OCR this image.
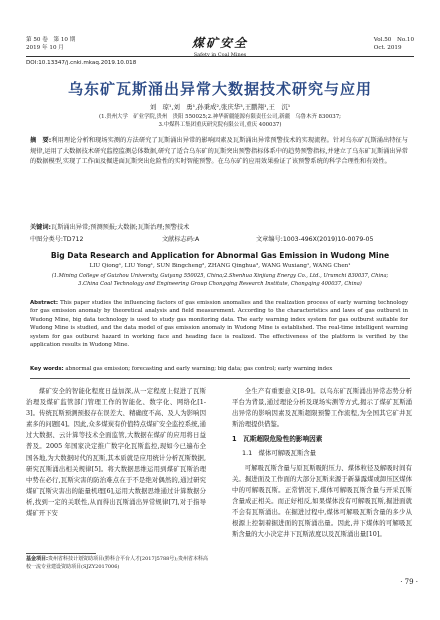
第 50 卷　第 10 期
2019 年 10 月	煤矿安全
Safety in Coal Mines
Vol.50　No.10
Oct. 2019
DOI:10.13347/j.cnki.mkaq.2019.10.018
乌东矿瓦斯涌出异常大数据技术研究与应用
刘　琼¹,刘　勇¹,孙秉成²,张庆华³,王鹏翔¹,王　沉¹
(1.贵州大学　矿业学院,贵州　贵阳 550025;2.神华新疆能源有限责任公司,新疆　乌鲁木齐 830037;
3.中煤科工集团重庆研究院有限公司,重庆 400037)
摘　要:利用理论分析和现场实测的方法研究了瓦斯涌出异常的影响因素及瓦斯涌出异常预警技术的实现流程。针对乌东矿瓦斯涌出特征与规律,运用了大数据技术研究监控监测总体数据,研究了适合乌东矿的瓦斯突出预警指标体系中的趋势预警指标,并建立了乌东矿瓦斯涌出异常的数据模型,实现了工作面及掘进面瓦斯突出危险性的实时智能预警。在乌东矿的应用效果验证了该预警系统的科学合理性和有效性。
关键词:瓦斯涌出异常;预测预报;大数据;瓦斯治理;预警技术
中图分类号:TD712	文献标志码:A	文章编号:1003-496X(2019)10-0079-05
Big Data Research and Application for Abnormal Gas Emission in Wudong Mine
LIU Qiong¹, LIU Yong¹, SUN Bingcheng², ZHANG Qinghua³, WANG Wuxiang¹, WANG Chen¹
(1.Mining College of Guizhou University, Guiyang 550025, China;2.Shenhua Xinjiang Energy Co., Ltd., Urumchi 830037, China;
3.China Coal Technology and Engineering Group Chongqing Research Institute, Chongqing 400037, China)
Abstract: This paper studies the influencing factors of gas emission anomalies and the realization process of early warning technology for gas emission anomaly by theoretical analysis and field measurement. According to the characteristics and laws of gas outburst in Wudong Mine, big data technology is used to study gas monitoring data. The early warning index system for gas outburst suitable for Wudong Mine is studied, and the data model of gas emission anomaly in Wudong Mine is established. The real-time intelligent warning system for gas outburst hazard in working face and heading face is realized. The effectiveness of the platform is verified by the application results in Wudong Mine.
Key words: abnormal gas emission; forecasting and early warning; big data; gas control; early warning index

煤矿安全的智能化程度日益加深,从一定程度上促进了瓦斯治理及煤矿监管部门管理工作的智能化、数字化、网络化[1-3]。传统瓦斯预测预报存在误差大、精确度不高、及人为影响因素多的问题[4]。因此,众多煤炭有价值特点煤矿安全监控系统,通过大数据、云计算等技术全面监管,大数据在煤矿的应用将日益普及。2005 年国家决定推广数字化瓦斯监控,现如今已遍布全国各地,为大数据时代的瓦斯,其本质就是应用统计分析瓦斯数据,研究瓦斯涌出相关规律[5]。将大数据思维运用到煤矿瓦斯治理中势在必行,瓦斯灾害的防治难点在于不是绝对偶然的,通过研究煤矿瓦斯灾害出的能量机理[6],运用大数据思维通过计算数据分析,找到一定的关联性,从而得出瓦斯涌出异常规律[7],对于指导煤矿开下安

基金项目:贵州省科技计划资助项目(黔科合平台人才[2017]5788号);贵州省本科高校一流专业建设资助项目(SJZY2017006)

全生产有重要意义[8-9]。以乌东矿瓦斯涌出异常态势分析平台为背景,通过理论分析及现场实测等方式,揭示了煤矿瓦斯涌出异常的影响因素及瓦斯超限预警工作流程,为全国其它矿井瓦斯治理提供借鉴。

1　瓦斯超限危险性的影响因素
1.1　煤体可解吸瓦斯含量

可解吸瓦斯含量与原瓦斯吸附压力、煤体粒径及解吸时间有关。掘进面及工作面的大部分瓦斯来源于新暴露煤或卸压区煤体中的可解吸瓦斯。正常情况下,煤体可解吸瓦斯含量与开采瓦斯含量成正相关。而正好相反,如果煤体没有可解吸瓦斯,掘进面就不会有瓦斯涌出。在掘进过程中,煤体可解吸瓦斯含量的多少从根源上控制着掘进面的瓦斯涌出量。因此,井下煤体的可解吸瓦斯含量的大小决定井下瓦斯浓度以及瓦斯涌出量[10]。

· 79 ·
